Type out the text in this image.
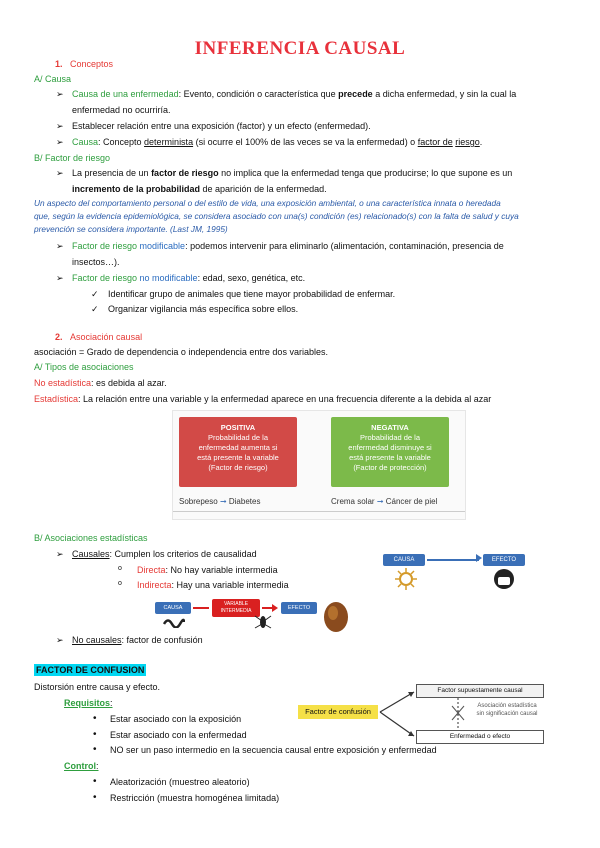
INFERENCIA CAUSAL
1. Conceptos
A/ Causa
➢ Causa de una enfermedad: Evento, condición o característica que precede a dicha enfermedad, y sin la cual la
enfermedad no ocurriría.
➢ Establecer relación entre una exposición (factor) y un efecto (enfermedad).
➢ Causa: Concepto determinista (si ocurre el 100% de las veces se va la enfermedad) o factor de riesgo.
B/ Factor de riesgo
➢ La presencia de un factor de riesgo no implica que la enfermedad tenga que producirse; lo que supone es un
incremento de la probabilidad de aparición de la enfermedad.
Un aspecto del comportamiento personal o del estilo de vida, una exposición ambiental, o una característica innata o heredada
que, según la evidencia epidemiológica, se considera asociado con una(s) condición (es) relacionado(s) con la falta de salud y cuya
prevención se considera importante. (Last JM, 1995)
➢ Factor de riesgo modificable: podemos intervenir para eliminarlo (alimentación, contaminación, presencia de
insectos…).
➢ Factor de riesgo no modificable: edad, sexo, genética, etc.
✓ Identificar grupo de animales que tiene mayor probabilidad de enfermar.
✓ Organizar vigilancia más específica sobre ellos.
2. Asociación causal
asociación = Grado de dependencia o independencia entre dos variables.
A/ Tipos de asociaciones
No estadística: es debida al azar.
Estadística: La relación entre una variable y la enfermedad aparece en una frecuencia diferente a la debida al azar
POSITIVA
Probabilidad de la
enfermedad aumenta si
está presente la variable
(Factor de riesgo)
NEGATIVA
Probabilidad de la
enfermedad disminuye si
está presente la variable
(Factor de protección)
Sobrepeso ➞ Diabetes	Crema solar ➞ Cáncer de piel
B/ Asociaciones estadísticas
➢ Causales: Cumplen los criterios de causalidad
o Directa: No hay variable intermedia
o Indirecta: Hay una variable intermedia
CAUSA	EFECTO
CAUSA
VARIABLE
INTERMEDIA	EFECTO
➢ No causales: factor de confusión
FACTOR DE CONFUSION
Distorsión entre causa y efecto.
Requisitos:
• Estar asociado con la exposición
• Estar asociado con la enfermedad
• NO ser un paso intermedio en la secuencia causal entre exposición y enfermedad
Control:
• Aleatorización (muestreo aleatorio)
• Restricción (muestra homogénea limitada)
Factor de confusión
Factor supuestamente causal
Enfermedad o efecto
Asociación estadística
sin significación causal
